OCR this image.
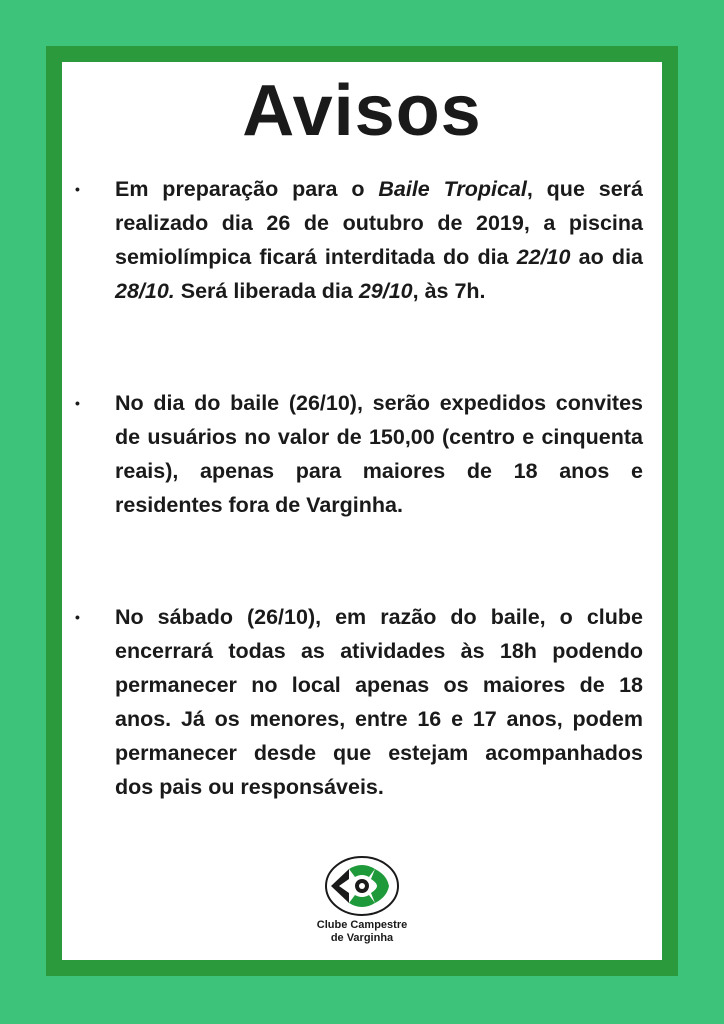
Avisos

• Em preparação para o Baile Tropical, que será realizado dia 26 de outubro de 2019, a piscina semiolímpica ficará interditada do dia 22/10 ao dia 28/10. Será liberada dia 29/10, às 7h.

• No dia do baile (26/10), serão expedidos convites de usuários no valor de 150,00 (centro e cinquenta reais), apenas para maiores de 18 anos e residentes fora de Varginha.

• No sábado (26/10), em razão do baile, o clube encerrará todas as atividades às 18h podendo permanecer no local apenas os maiores de 18 anos. Já os menores, entre 16 e 17 anos, podem permanecer desde que estejam acompanhados dos pais ou responsáveis.

Clube Campestre
de Varginha
